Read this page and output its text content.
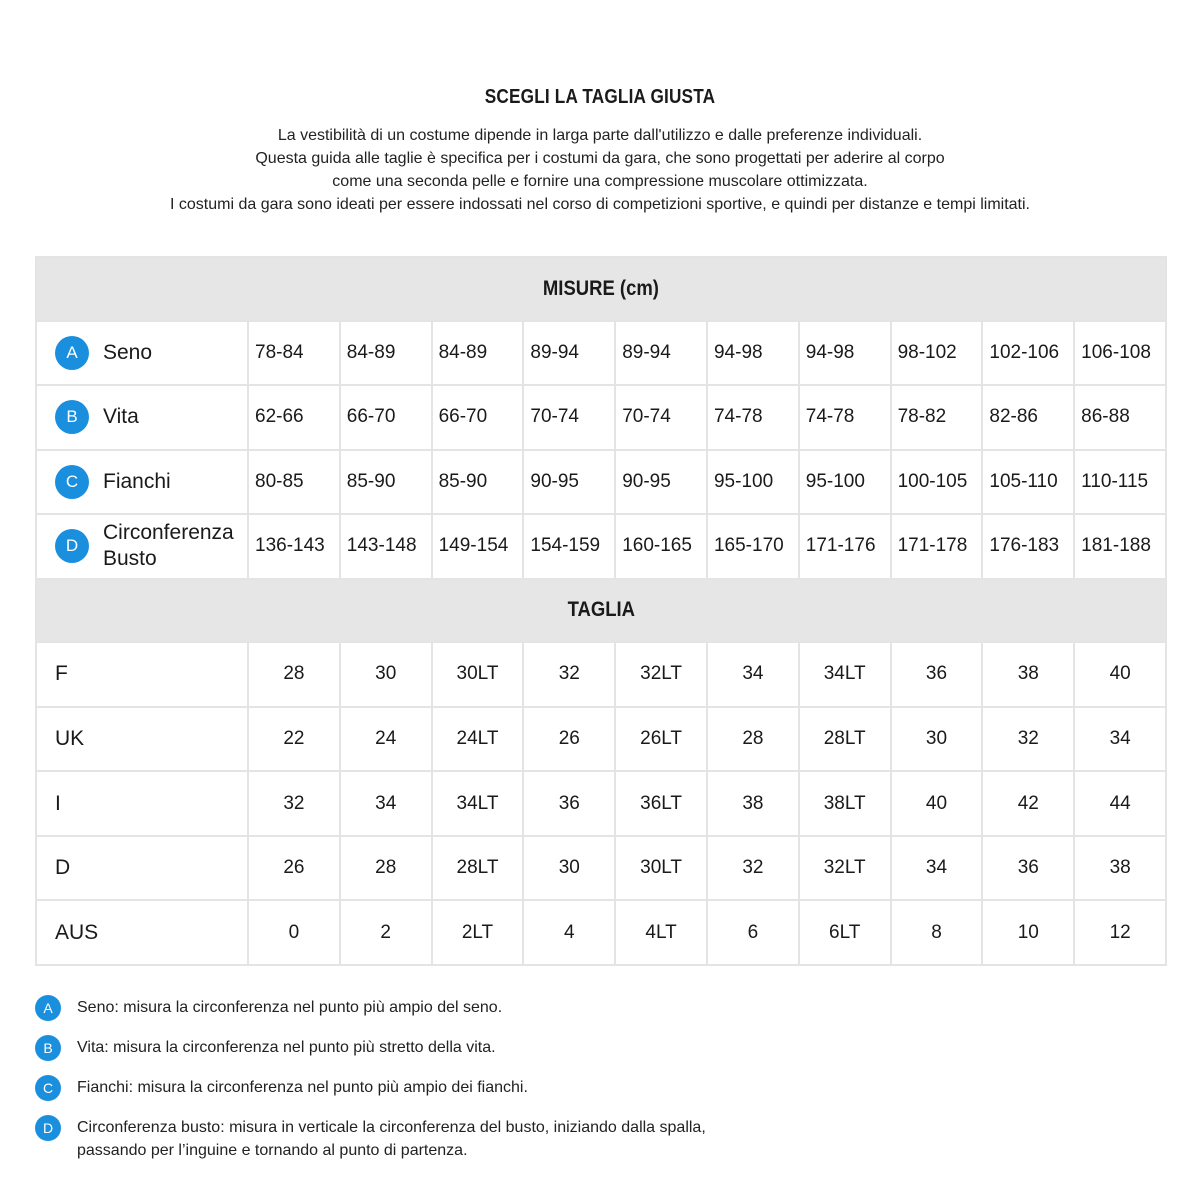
SCEGLI LA TAGLIA GIUSTA
La vestibilità di un costume dipende in larga parte dall'utilizzo e dalle preferenze individuali.
Questa guida alle taglie è specifica per i costumi da gara, che sono progettati per aderire al corpo
come una seconda pelle e fornire una compressione muscolare ottimizzata.
I costumi da gara sono ideati per essere indossati nel corso di competizioni sportive, e quindi per distanze e tempi limitati.
MISURE (cm)										

A Seno	78-84	84-89	84-89	89-94	89-94	94-98	94-98	98-102	102-106	106-108

B Vita	62-66	66-70	66-70	70-74	70-74	74-78	74-78	78-82	82-86	86-88

C Fianchi	80-85	85-90	85-90	90-95	90-95	95-100	95-100	100-105	105-110	110-115

D
Circonferenza Busto	136-143	143-148	149-154	154-159	160-165	165-170	171-176	171-178	176-183	181-188
TAGLIA										
F	28	30	30LT	32	32LT	34	34LT	36	38	40
UK	22	24	24LT	26	26LT	28	28LT	30	32	34
I	32	34	34LT	36	36LT	38	38LT	40	42	44
D	26	28	28LT	30	30LT	32	32LT	34	36	38
AUS	0	2	2LT	4	4LT	6	6LT	8	10	12
A	Seno: misura la circonferenza nel punto più ampio del seno.
B	Vita: misura la circonferenza nel punto più stretto della vita.
C	Fianchi: misura la circonferenza nel punto più ampio dei fianchi.
D	Circonferenza busto: misura in verticale la circonferenza del busto, iniziando dalla spalla,
passando per l’inguine e tornando al punto di partenza.
